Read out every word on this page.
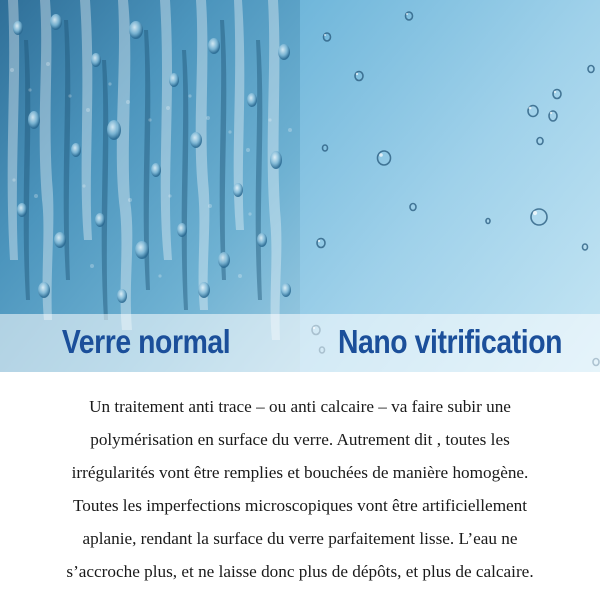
Verre normal	Nano vitrification
Un traitement anti trace – ou anti calcaire – va faire subir une
polymérisation en surface du verre. Autrement dit , toutes les
irrégularités vont être remplies et bouchées de manière homogène.
Toutes les imperfections microscopiques vont être artificiellement
aplanie, rendant la surface du verre parfaitement lisse. L’eau ne
s’accroche plus, et ne laisse donc plus de dépôts, et plus de calcaire.
